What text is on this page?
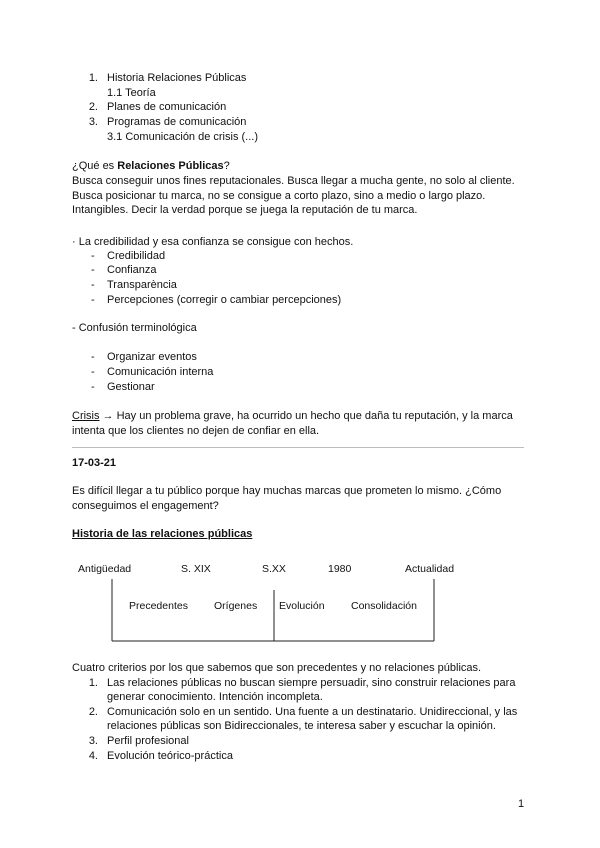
1. Historia Relaciones Públicas
1.1 Teoría
2. Planes de comunicación
3. Programas de comunicación
3.1 Comunicación de crisis (...)
¿Qué es Relaciones Públicas?

Busca conseguir unos fines reputacionales. Busca llegar a mucha gente, no solo al cliente.

Busca posicionar tu marca, no se consigue a corto plazo, sino a medio o largo plazo.

Intangibles. Decir la verdad porque se juega la reputación de tu marca.

· La credibilidad y esa confianza se consigue con hechos.
- Credibilidad
- Confianza
- Transparència
- Percepciones (corregir o cambiar percepciones)
- Confusión terminológica
- Organizar eventos
- Comunicación interna
- Gestionar
Crisis → Hay un problema grave, ha ocurrido un hecho que daña tu reputación, y la marca
intenta que los clientes no dejen de confiar en ella.
17-03-21

Es difícil llegar a tu público porque hay muchas marcas que prometen lo mismo. ¿Cómo

conseguimos el engagement?

Historia de las relaciones públicas
Antigüedad	S. XIX	S.XX	1980	Actualidad
Precedentes Orígenes Evolución	Consolidación
Cuatro criterios por los que sabemos que son precedentes y no relaciones públicas.
1. Las relaciones públicas no buscan siempre persuadir, sino construir relaciones para
generar conocimiento. Intención incompleta.
2. Comunicación solo en un sentido. Una fuente a un destinatario. Unidireccional, y las
relaciones públicas son Bidireccionales, te interesa saber y escuchar la opinión.
3. Perfil profesional
4. Evolución teórico-práctica
1
